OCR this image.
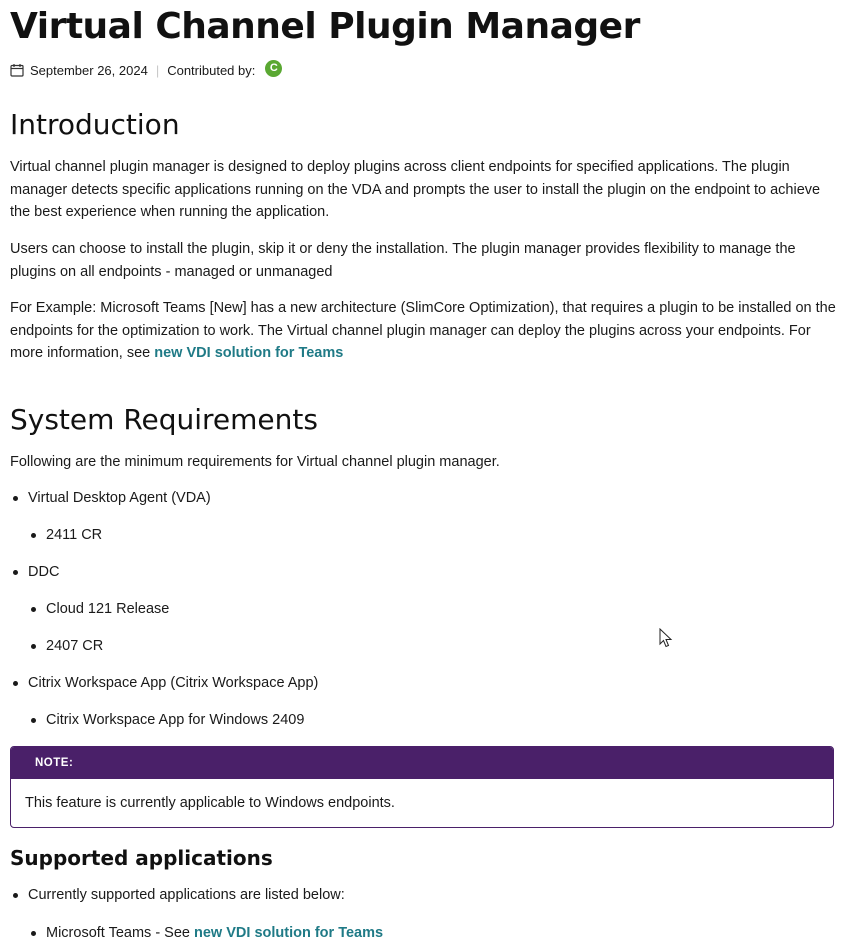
Virtual Channel Plugin Manager
September 26, 2024 | Contributed by:	C
Introduction

Virtual channel plugin manager is designed to deploy plugins across client endpoints for specified applications. The plugin manager detects specific applications running on the VDA and prompts the user to install the plugin on the endpoint to achieve the best experience when running the application.

Users can choose to install the plugin, skip it or deny the installation. The plugin manager provides flexibility to manage the plugins on all endpoints - managed or unmanaged

For Example: Microsoft Teams [New] has a new architecture (SlimCore Optimization), that requires a plugin to be installed on the endpoints for the optimization to work. The Virtual channel plugin manager can deploy the plugins across your endpoints. For more information, see new VDI solution for Teams

System Requirements

Following are the minimum requirements for Virtual channel plugin manager.

Virtual Desktop Agent (VDA)
2411 CR
DDC
Cloud 121 Release
2407 CR
Citrix Workspace App (Citrix Workspace App)
Citrix Workspace App for Windows 2409
NOTE:
This feature is currently applicable to Windows endpoints.
Supported applications
Currently supported applications are listed below:
Microsoft Teams - See new VDI solution for Teams
